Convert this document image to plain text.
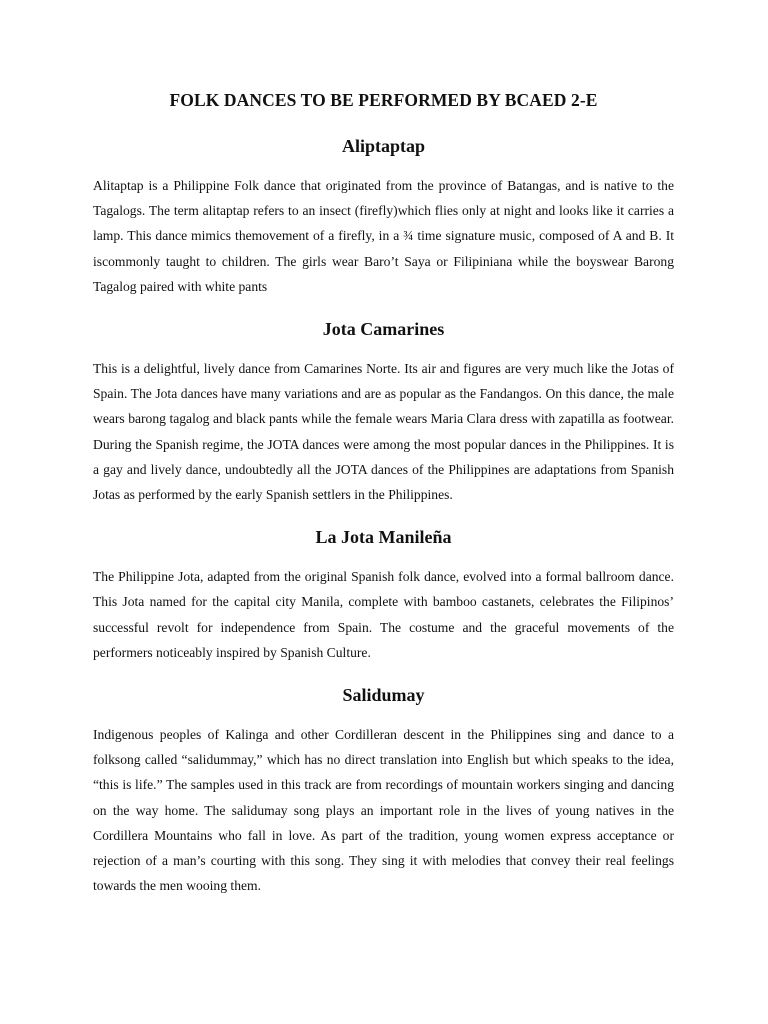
FOLK DANCES TO BE PERFORMED BY BCAED 2-E
Aliptaptap

Alitaptap is a Philippine Folk dance that originated from the province of Batangas, and is native to the Tagalogs. The term alitaptap refers to an insect (firefly)which flies only at night and looks like it carries a lamp. This dance mimics themovement of a firefly, in a ¾ time signature music, composed of A and B. It iscommonly taught to children. The girls wear Baro’t Saya or Filipiniana while the boyswear Barong Tagalog paired with white pants

Jota Camarines

This is a delightful, lively dance from Camarines Norte. Its air and figures are very much like the Jotas of Spain. The Jota dances have many variations and are as popular as the Fandangos. On this dance, the male wears barong tagalog and black pants while the female wears Maria Clara dress with zapatilla as footwear. During the Spanish regime, the JOTA dances were among the most popular dances in the Philippines. It is a gay and lively dance, undoubtedly all the JOTA dances of the Philippines are adaptations from Spanish Jotas as performed by the early Spanish settlers in the Philippines.

La Jota Manileña

The Philippine Jota, adapted from the original Spanish folk dance, evolved into a formal ballroom dance. This Jota named for the capital city Manila, complete with bamboo castanets, celebrates the Filipinos’ successful revolt for independence from Spain. The costume and the graceful movements of the performers noticeably inspired by Spanish Culture.

Salidumay

Indigenous peoples of Kalinga and other Cordilleran descent in the Philippines sing and dance to a folksong called “salidummay,” which has no direct translation into English but which speaks to the idea, “this is life.” The samples used in this track are from recordings of mountain workers singing and dancing on the way home. The salidumay song plays an important role in the lives of young natives in the Cordillera Mountains who fall in love. As part of the tradition, young women express acceptance or rejection of a man’s courting with this song. They sing it with melodies that convey their real feelings towards the men wooing them.
